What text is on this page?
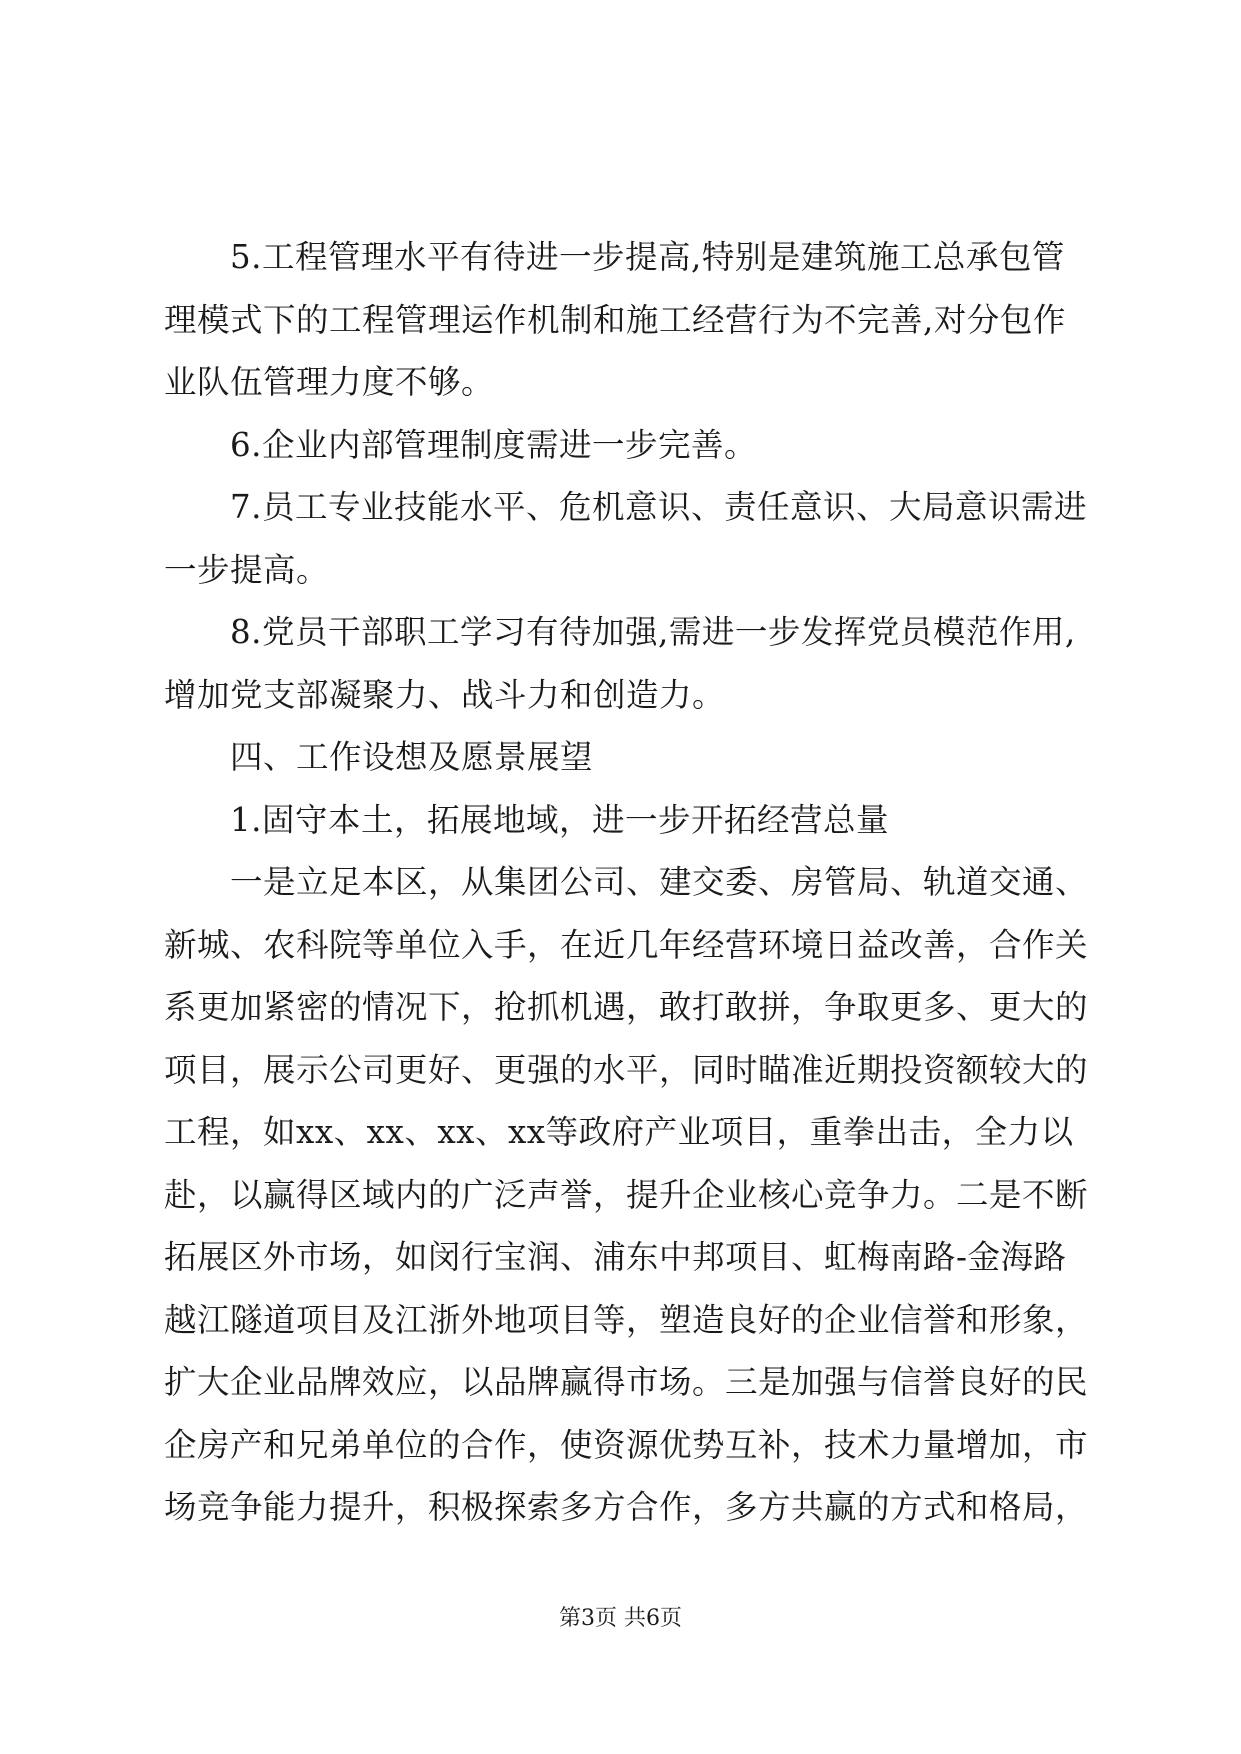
5.工程管理水平有待进一步提高,特别是建筑施工总承包管
理模式下的工程管理运作机制和施工经营行为不完善,对分包作
业队伍管理力度不够。
6.企业内部管理制度需进一步完善。
7.员工专业技能水平、危机意识、责任意识、大局意识需进
一步提高。
8.党员干部职工学习有待加强,需进一步发挥党员模范作用,
增加党支部凝聚力、战斗力和创造力。
四、工作设想及愿景展望
1.固守本土，拓展地域，进一步开拓经营总量
一是立足本区，从集团公司、建交委、房管局、轨道交通、
新城、农科院等单位入手，在近几年经营环境日益改善，合作关
系更加紧密的情况下，抢抓机遇，敢打敢拼，争取更多、更大的
项目，展示公司更好、更强的水平，同时瞄准近期投资额较大的
工程，如xx、xx、xx、xx等政府产业项目，重拳出击，全力以
赴，以赢得区域内的广泛声誉，提升企业核心竞争力。二是不断
拓展区外市场，如闵行宝润、浦东中邦项目、虹梅南路-金海路
越江隧道项目及江浙外地项目等，塑造良好的企业信誉和形象，
扩大企业品牌效应，以品牌赢得市场。三是加强与信誉良好的民
企房产和兄弟单位的合作，使资源优势互补，技术力量增加，市
场竞争能力提升，积极探索多方合作，多方共赢的方式和格局，
第3页 共6页
